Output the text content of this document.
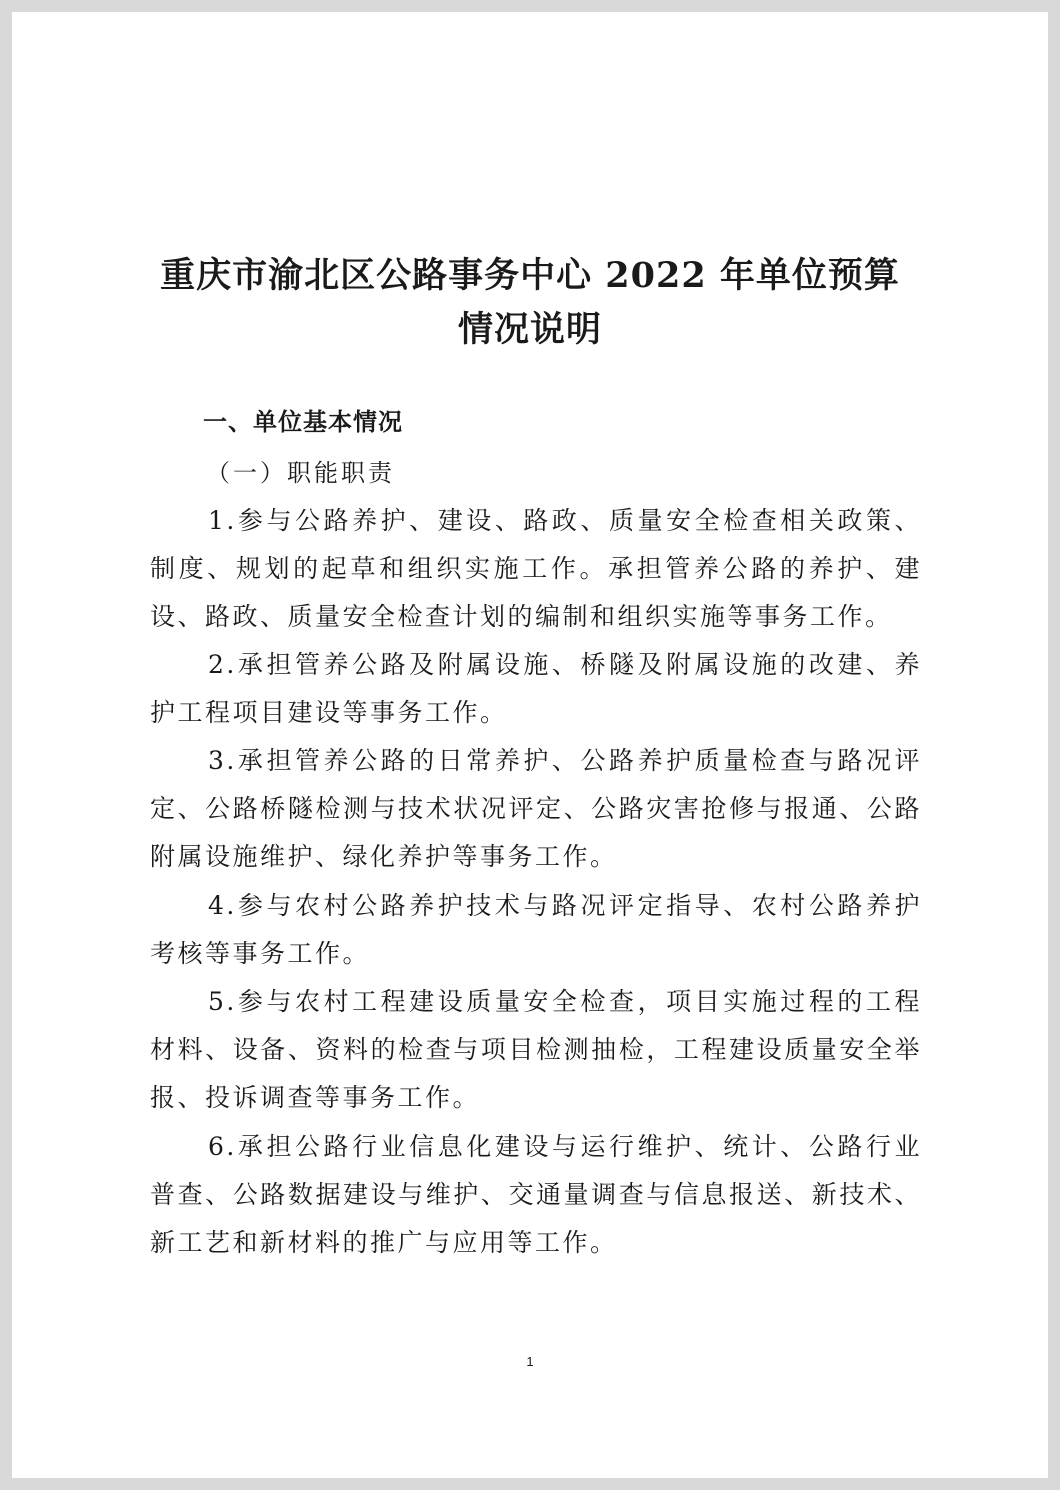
重庆市渝北区公路事务中心 2022 年单位预算
情况说明
一、单位基本情况
（一）职能职责

1.参与公路养护、建设、路政、质量安全检查相关政策、制度、规划的起草和组织实施工作。承担管养公路的养护、建设、路政、质量安全检查计划的编制和组织实施等事务工作。

2.承担管养公路及附属设施、桥隧及附属设施的改建、养护工程项目建设等事务工作。

3.承担管养公路的日常养护、公路养护质量检查与路况评定、公路桥隧检测与技术状况评定、公路灾害抢修与报通、公路附属设施维护、绿化养护等事务工作。

4.参与农村公路养护技术与路况评定指导、农村公路养护考核等事务工作。

5.参与农村工程建设质量安全检查，项目实施过程的工程材料、设备、资料的检查与项目检测抽检，工程建设质量安全举报、投诉调查等事务工作。

6.承担公路行业信息化建设与运行维护、统计、公路行业普查、公路数据建设与维护、交通量调查与信息报送、新技术、新工艺和新材料的推广与应用等工作。

1
